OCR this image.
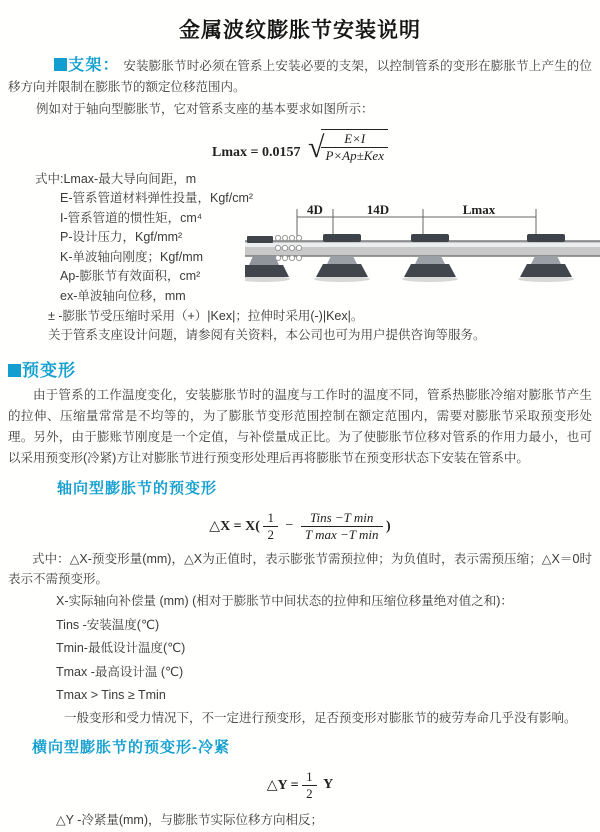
金属波纹膨胀节安装说明

支架： 安装膨胀节时必须在管系上安装必要的支架，以控制管系的变形在膨胀节上产生的位移方向并限制在膨胀节的额定位移范围内。

例如对于轴向型膨胀节，它对管系支座的基本要求如图所示：

Lmax = 0.0157 √
$\frac{E\times I}{\text{P×Ap±Kex}}$
式中:Lmax-最大导向间距，m
E-管系管道材料弹性投量，Kgf/cm²
I-管系管道的惯性矩，cm⁴
P-设计压力，Kgf/mm²
K-单波轴向刚度；Kgf/mm
Ap-膨胀节有效面积，cm²
ex-单波轴向位移，mm
± -膨胀节受压缩时采用（+）|Kex|；拉伸时采用(-)|Kex|。
关于管系支座设计问题，请参阅有关资料，本公司也可为用户提供咨询等服务。
4D	14D	Lmax
预变形

由于管系的工作温度变化，安装膨胀节时的温度与工作时的温度不同，管系热膨胀冷缩对膨胀节产生的拉伸、压缩量常常是不均等的，为了膨胀节变形范围控制在额定范围内，需要对膨胀节采取预变形处理。另外，由于膨账节刚度是一个定值，与补偿量成正比。为了使膨胀节位移对管系的作用力最小，也可以采用预变形(冷紧)方让对膨胀节进行预变形处理后再将膨胀节在预变形状态下安装在管系中。

轴向型膨胀节的预变形
△X = $X( \frac{1}{2} - \frac{\text{Tins −T min}}{\text{T max −T min}}$ )

式中：△X-预变形量(mm)，△X为正值时，表示膨张节需预拉伸；为负值时，表示需预压缩；△X＝0时表示不需预变形。

X-实际轴向补偿量 (mm) (相对于膨胀节中间状态的拉伸和压缩位移量绝对值之和)：
Tins -安装温度(℃)
Tmin-最低设计温度(℃)
Tmax -最高设计温 (℃)
Tmax > Tins ≥ Tmin

一般变形和受力情况下，不一定进行预变形，足否预变形对膨胀节的疲劳寿命几乎没有影响。

横向型膨胀节的预变形-冷紧
△Y = $\frac{1}{2}$ Y
△Y -冷紧量(mm)，与膨胀节实际位移方向相反；
